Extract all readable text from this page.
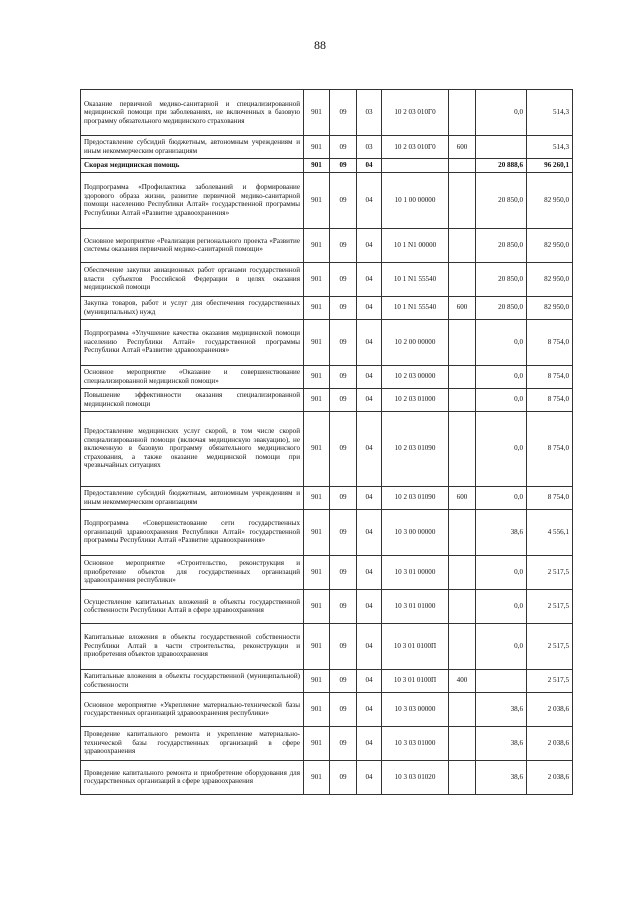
88
Оказание первичной медико-санитарной и специализированной медицинской помощи при заболеваниях, не включенных в базовую программу обязательного медицинского страхования	901	09	03	10 2 03 010Г0		0,0	514,3
Предоставление субсидий бюджетным, автономным учреждениям и иным некоммерческим организациям	901	09	03	10 2 03 010Г0	600		514,3
Скорая медицинская помощь	901	09	04			20 888,6	96 260,1
Подпрограмма «Профилактика заболеваний и формирование здорового образа жизни, развитие первичной медико-санитарной помощи населению Республики Алтай» государственной программы Республики Алтай «Развитие здравоохранения»	901	09	04	10 1 00 00000		20 850,0	82 950,0
Основное мероприятие «Реализация регионального проекта «Развитие системы оказания первичной медико-санитарной помощи»	901	09	04	10 1 N1 00000		20 850,0	82 950,0
Обеспечение закупки авиационных работ органами государственной власти субъектов Российской Федерации в целях оказания медицинской помощи	901	09	04	10 1 N1 55540		20 850,0	82 950,0
Закупка товаров, работ и услуг для обеспечения государственных (муниципальных) нужд	901	09	04	10 1 N1 55540	600	20 850,0	82 950,0
Подпрограмма «Улучшение качества оказания медицинской помощи населению Республики Алтай» государственной программы Республики Алтай «Развитие здравоохранения»	901	09	04	10 2 00 00000		0,0	8 754,0
Основное мероприятие «Оказание и совершенствование специализированной медицинской помощи»	901	09	04	10 2 03 00000		0,0	8 754,0
Повышение эффективности оказания специализированной медицинской помощи	901	09	04	10 2 03 01000		0,0	8 754,0
Предоставление медицинских услуг скорой, в том числе скорой специализированной помощи (включая медицинскую эвакуацию), не включенную в базовую программу обязательного медицинского страхования, а также оказание медицинской помощи при чрезвычайных ситуациях	901	09	04	10 2 03 01090		0,0	8 754,0
Предоставление субсидий бюджетным, автономным учреждениям и иным некоммерческим организациям	901	09	04	10 2 03 01090	600	0,0	8 754,0
Подпрограмма «Совершенствование сети государственных организаций здравоохранения Республики Алтай» государственной программы Республики Алтай «Развитие здравоохранения»	901	09	04	10 3 00 00000		38,6	4 556,1
Основное мероприятие «Строительство, реконструкция и приобретение объектов для государственных организаций здравоохранения республики»	901	09	04	10 3 01 00000		0,0	2 517,5
Осуществление капитальных вложений в объекты государственной собственности Республики Алтай в сфере здравоохранения	901	09	04	10 3 01 01000		0,0	2 517,5
Капитальные вложения в объекты государственной собственности Республики Алтай в части строительства, реконструкции и приобретения объектов здравоохранения	901	09	04	10 3 01 0100П		0,0	2 517,5
Капитальные вложения в объекты государственной (муниципальной) собственности	901	09	04	10 3 01 0100П	400		2 517,5
Основное мероприятие «Укрепление материально-технической базы государственных организаций здравоохранения республики»	901	09	04	10 3 03 00000		38,6	2 038,6
Проведение капитального ремонта и укрепление материально-технической базы государственных организаций в сфере здравоохранения	901	09	04	10 3 03 01000		38,6	2 038,6
Проведение капитального ремонта и приобретение оборудования для государственных организаций в сфере здравоохранения	901	09	04	10 3 03 01020		38,6	2 038,6
